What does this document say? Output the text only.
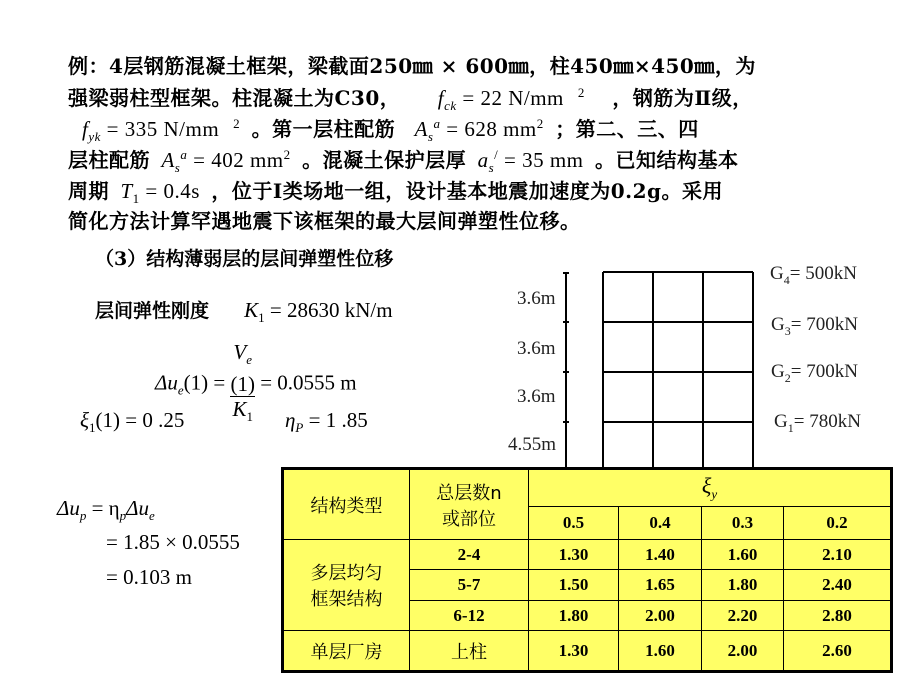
例：4层钢筋混凝土框架，梁截面250㎜ × 600㎜，柱450㎜×450㎜，为
强梁弱柱型框架。柱混凝土为C30， $f_{ck} = 22$ N/mm $^2$ ，钢筋为Ⅱ级，
$f_{yk} = 335$ N/mm $^2$ 。第一层柱配筋 $A_s^a = 628$ $mm^2$ ；第二、三、四
层柱配筋 $A_s^a = 402$ $mm^2$ 。混凝土保护层厚 $a_s^/ = 35$ mm 。已知结构基本
周期 $T_1 = 0.4s$ ，位于Ⅰ类场地一组，设计基本地震加速度为0.2g。采用
简化方法计算罕遇地震下该框架的最大层间弹塑性位移。
（3）结构薄弱层的层间弹塑性位移
层间弹性刚度 $K_1 = 28630$ kN/m
$\Delta u_e(1) = V_e$
(1)
$K_1 = 0.0555$ m
$\xi_1(1) = 0$ .25	$\eta_P = 1$ .85
$\Delta u_p = \eta_p\Delta u_e$
= 1.85 × 0.0555
= 0.103 m
3.6m
3.6m
3.6m
4.55m
$G_4= 500kN$
$G_3= 700kN$
$G_2= 700kN$
$G_1= 780kN$
结构类型	总层数n
或部位	$\xi_y$
		0.5	0.4	0.3	0.2
多层均匀
框架结构	2-4	1.30	1.40	1.60	2.10
	5-7	1.50	1.65	1.80	2.40
	6-12	1.80	2.00	2.20	2.80
单层厂房	上柱	1.30	1.60	2.00	2.60
